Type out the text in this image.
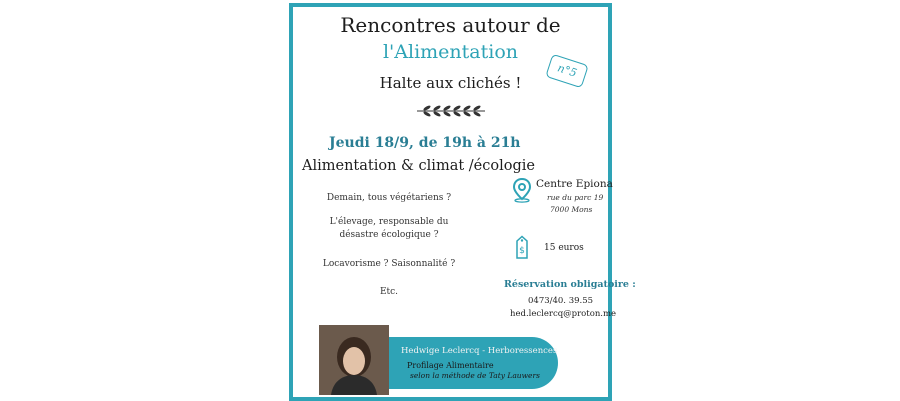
Rencontres autour de
l'Alimentation
Halte aux clichés !
n°5
Jeudi 18/9, de 19h à 21h
Alimentation & climat /écologie
Demain, tous végétariens ?
L'élevage, responsable du désastre écologique ?
Locavorisme ? Saisonnalité ?
Etc.
Centre Epiona
rue du parc 19
7000 Mons
$ 15 euros
Réservation obligatoire :
0473/40. 39.55
hed.leclercq@proton.me
Hedwige Leclercq - Herboressences
Profilage Alimentaire
selon la méthode de Taty Lauwers
